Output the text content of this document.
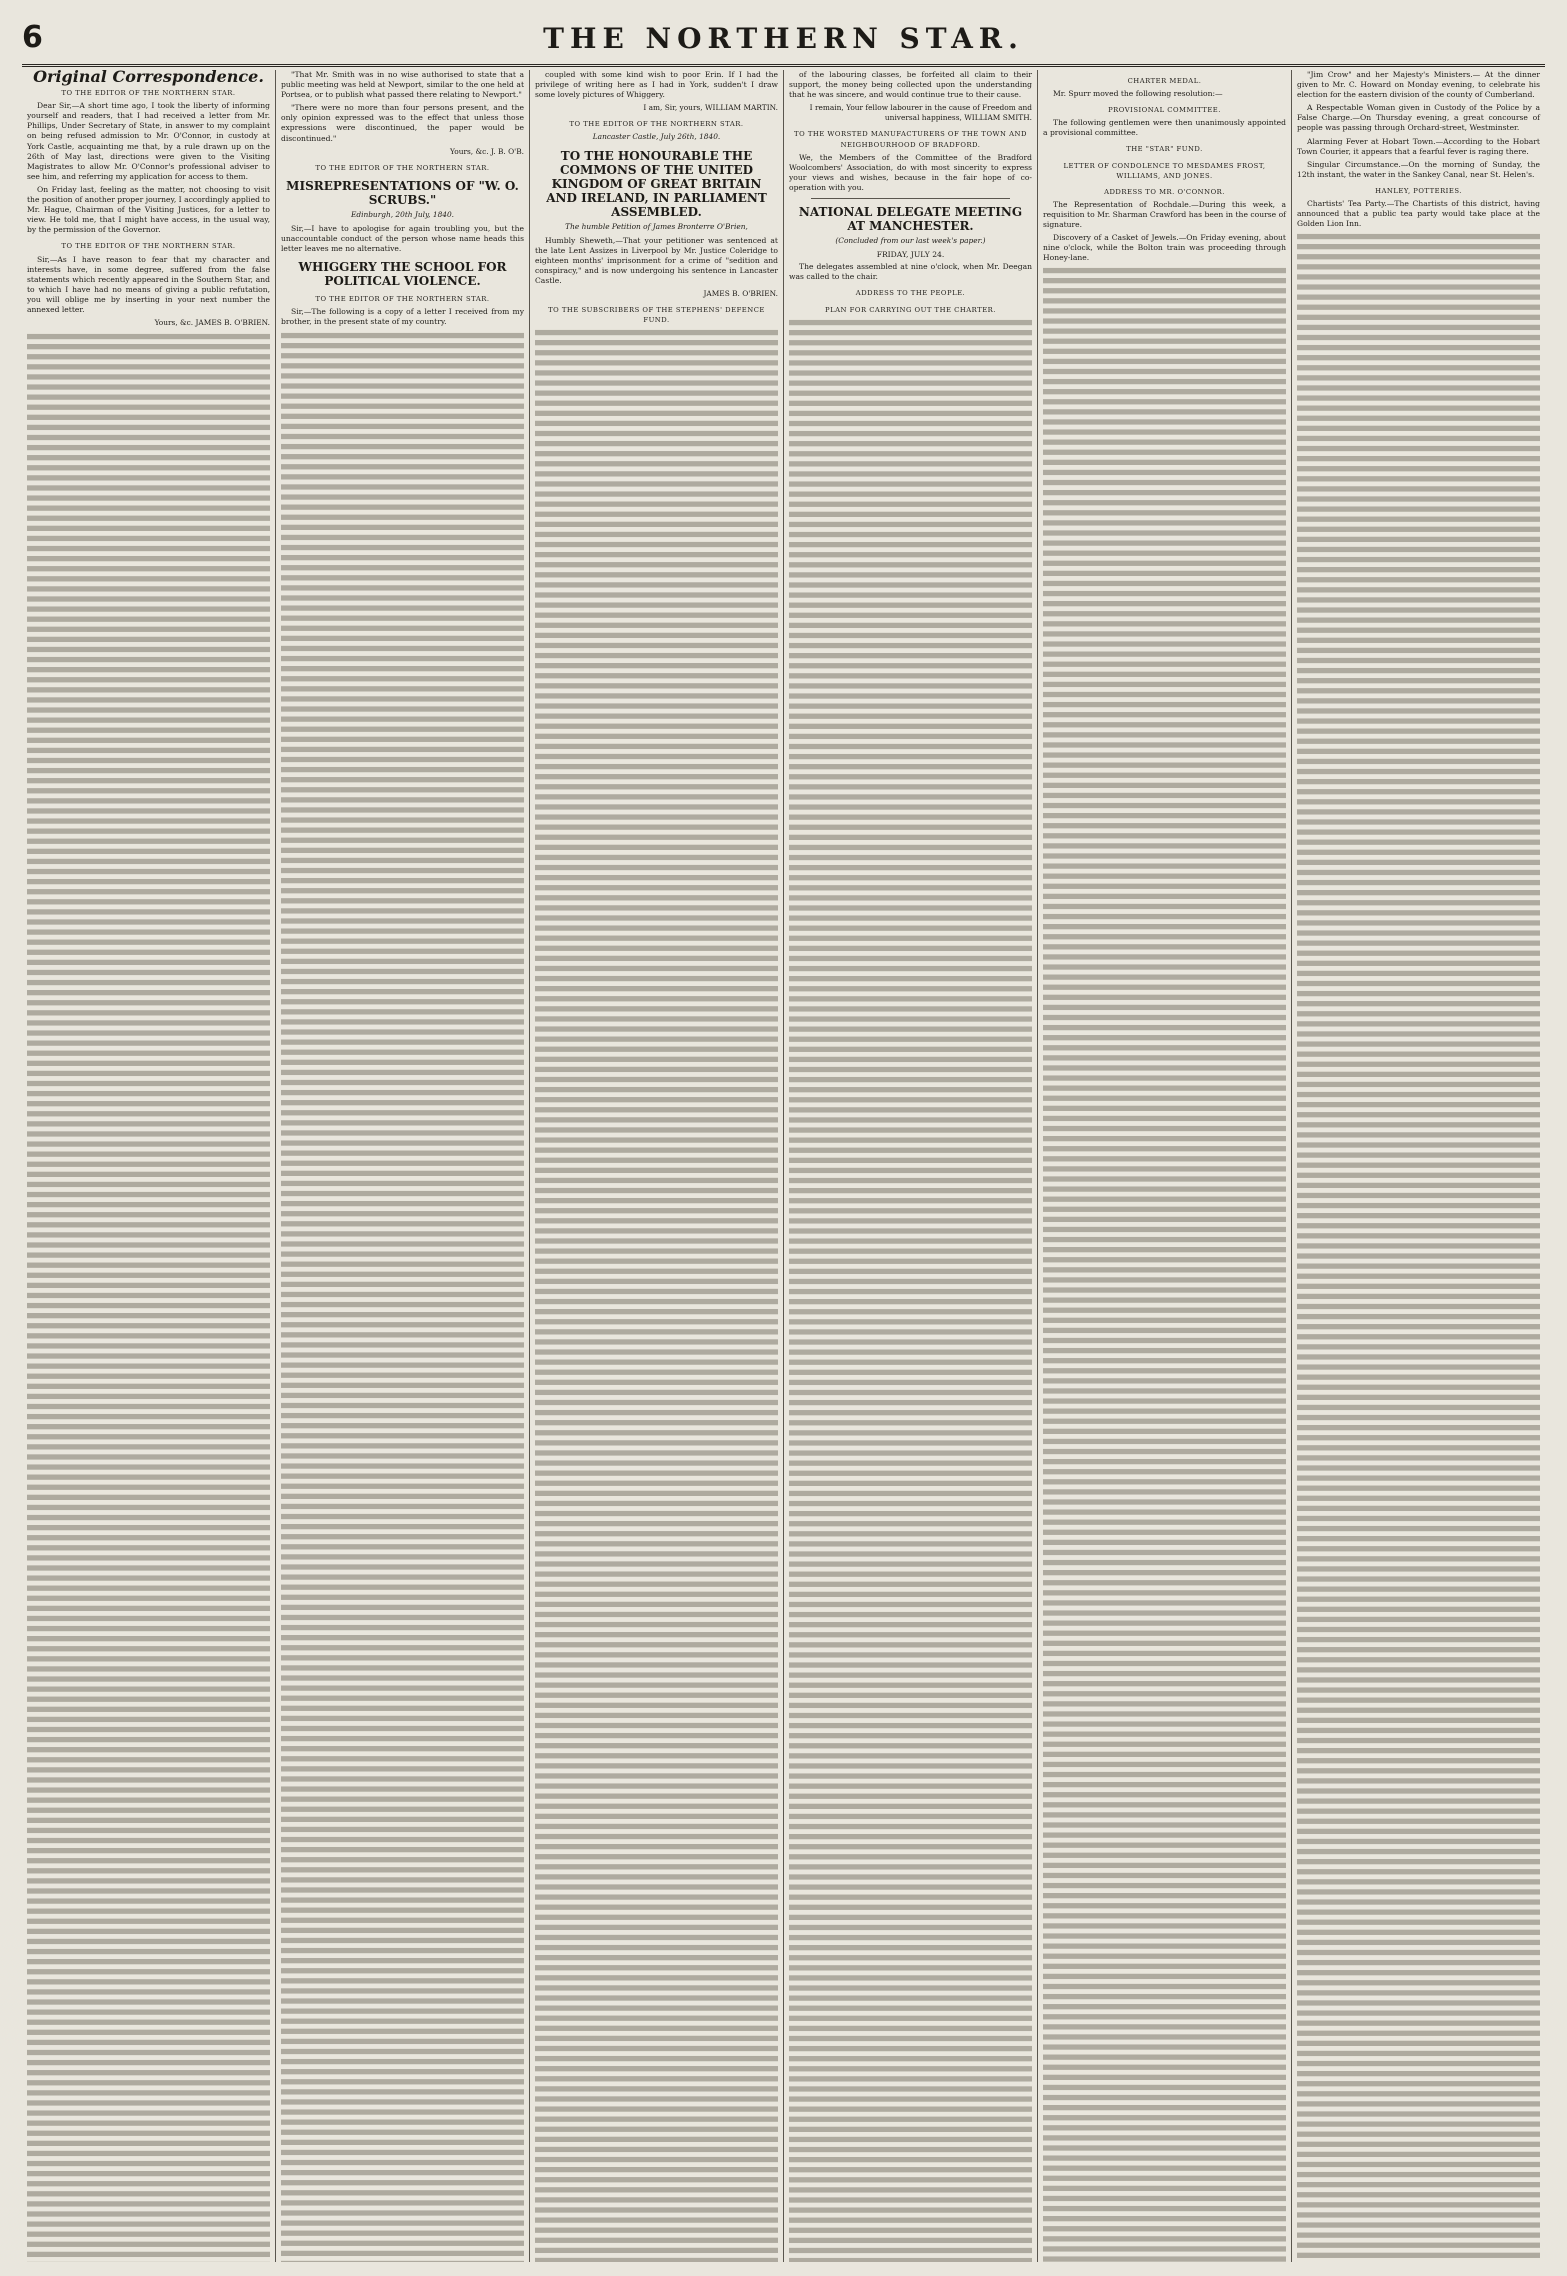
6	THE NORTHERN STAR.
Original Correspondence.
TO THE EDITOR OF THE NORTHERN STAR.

Dear Sir,—A short time ago, I took the liberty of informing yourself and readers, that I had received a letter from Mr. Phillips, Under Secretary of State, in answer to my complaint on being refused admission to Mr. O'Connor, in custody at York Castle, acquainting me that, by a rule drawn up on the 26th of May last, directions were given to the Visiting Magistrates to allow Mr. O'Connor's professional adviser to see him, and referring my application for access to them.

On Friday last, feeling as the matter, not choosing to visit the position of another proper journey, I accordingly applied to Mr. Hague, Chairman of the Visiting Justices, for a letter to view. He told me, that I might have access, in the usual way, by the permission of the Governor.

TO THE EDITOR OF THE NORTHERN STAR.

Sir,—As I have reason to fear that my character and interests have, in some degree, suffered from the false statements which recently appeared in the Southern Star, and to which I have had no means of giving a public refutation, you will oblige me by inserting in your next number the annexed letter.

Yours, &c. JAMES B. O'BRIEN.

"That Mr. Smith was in no wise authorised to state that a public meeting was held at Newport, similar to the one held at Portsea, or to publish what passed there relating to Newport."

"There were no more than four persons present, and the only opinion expressed was to the effect that unless those expressions were discontinued, the paper would be discontinued."

Yours, &c. J. B. O'B.
TO THE EDITOR OF THE NORTHERN STAR.
MISREPRESENTATIONS OF "W. O. SCRUBS."
Edinburgh, 20th July, 1840.

Sir,—I have to apologise for again troubling you, but the unaccountable conduct of the person whose name heads this letter leaves me no alternative.

WHIGGERY THE SCHOOL FOR POLITICAL VIOLENCE.
TO THE EDITOR OF THE NORTHERN STAR.

Sir,—The following is a copy of a letter I received from my brother, in the present state of my country.

coupled with some kind wish to poor Erin. If I had the privilege of writing here as I had in York, sudden't I draw some lovely pictures of Whiggery.

I am, Sir, yours, WILLIAM MARTIN.
TO THE EDITOR OF THE NORTHERN STAR.
Lancaster Castle, July 26th, 1840.
TO THE HONOURABLE THE COMMONS OF THE UNITED KINGDOM OF GREAT BRITAIN AND IRELAND, IN PARLIAMENT ASSEMBLED.
The humble Petition of James Bronterre O'Brien,

Humbly Sheweth,—That your petitioner was sentenced at the late Lent Assizes in Liverpool by Mr. Justice Coleridge to eighteen months' imprisonment for a crime of "sedition and conspiracy," and is now undergoing his sentence in Lancaster Castle.

JAMES B. O'BRIEN.
TO THE SUBSCRIBERS OF THE STEPHENS' DEFENCE FUND.

of the labouring classes, be forfeited all claim to their support, the money being collected upon the understanding that he was sincere, and would continue true to their cause.

I remain, Your fellow labourer in the cause of Freedom and universal happiness, WILLIAM SMITH.
TO THE WORSTED MANUFACTURERS OF THE TOWN AND NEIGHBOURHOOD OF BRADFORD.

We, the Members of the Committee of the Bradford Woolcombers' Association, do with most sincerity to express your views and wishes, because in the fair hope of co-operation with you.

NATIONAL DELEGATE MEETING AT MANCHESTER.
(Concluded from our last week's paper.)
FRIDAY, JULY 24.

The delegates assembled at nine o'clock, when Mr. Deegan was called to the chair.

ADDRESS TO THE PEOPLE.
PLAN FOR CARRYING OUT THE CHARTER.
CHARTER MEDAL.

Mr. Spurr moved the following resolution:—

PROVISIONAL COMMITTEE.

The following gentlemen were then unanimously appointed a provisional committee.

THE "STAR" FUND.
LETTER OF CONDOLENCE TO MESDAMES FROST, WILLIAMS, AND JONES.
ADDRESS TO MR. O'CONNOR.

The Representation of Rochdale.—During this week, a requisition to Mr. Sharman Crawford has been in the course of signature.

Discovery of a Casket of Jewels.—On Friday evening, about nine o'clock, while the Bolton train was proceeding through Honey-lane.

"Jim Crow" and her Majesty's Ministers.— At the dinner given to Mr. C. Howard on Monday evening, to celebrate his election for the eastern division of the county of Cumberland.

A Respectable Woman given in Custody of the Police by a False Charge.—On Thursday evening, a great concourse of people was passing through Orchard-street, Westminster.

Alarming Fever at Hobart Town.—According to the Hobart Town Courier, it appears that a fearful fever is raging there.

Singular Circumstance.—On the morning of Sunday, the 12th instant, the water in the Sankey Canal, near St. Helen's.

HANLEY, POTTERIES.

Chartists' Tea Party.—The Chartists of this district, having announced that a public tea party would take place at the Golden Lion Inn.
